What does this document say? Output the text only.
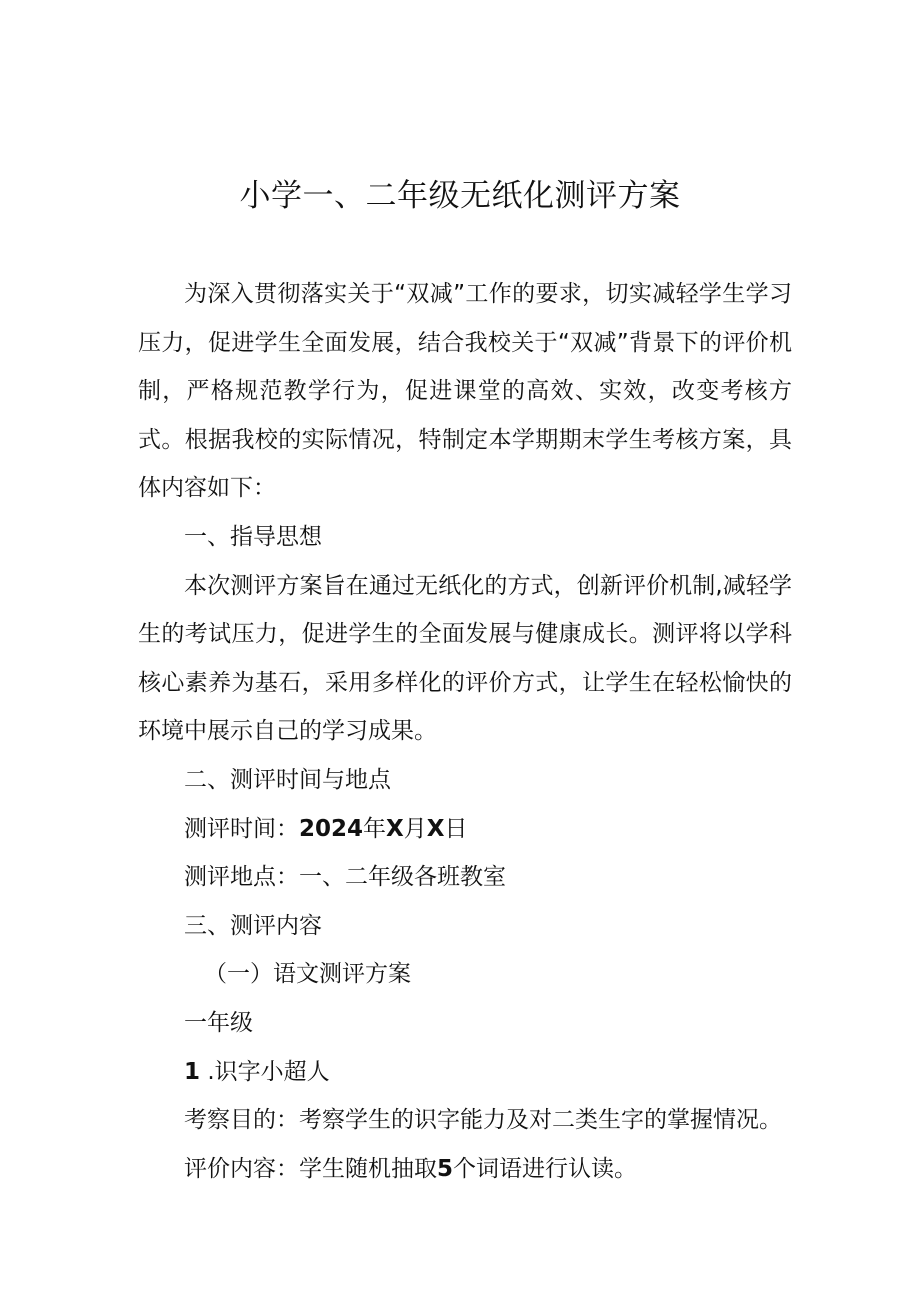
小学一、二年级无纸化测评方案

为深入贯彻落实关于“双减”工作的要求，切实减轻学生学习压力，促进学生全面发展，结合我校关于“双减”背景下的评价机制，严格规范教学行为，促进课堂的高效、实效，改变考核方式。根据我校的实际情况，特制定本学期期末学生考核方案，具体内容如下：

一、指导思想

本次测评方案旨在通过无纸化的方式，创新评价机制,减轻学生的考试压力，促进学生的全面发展与健康成长。测评将以学科核心素养为基石，采用多样化的评价方式，让学生在轻松愉快的环境中展示自己的学习成果。

二、测评时间与地点

测评时间：2024年X月X日

测评地点：一、二年级各班教室

三、测评内容

（一）语文测评方案

一年级

1 .识字小超人

考察目的：考察学生的识字能力及对二类生字的掌握情况。

评价内容：学生随机抽取5个词语进行认读。
